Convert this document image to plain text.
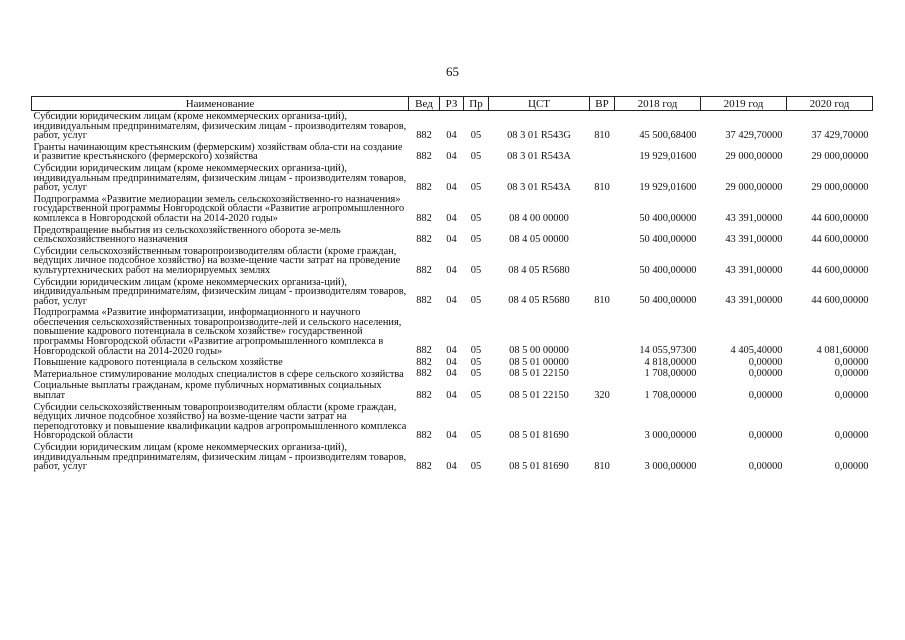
65
Наименование	Вед	РЗ	Пр	ЦСТ	ВР	2018 год	2019 год	2020 год
Субсидии юридическим лицам (кроме некоммерческих организа-ций), индивидуальным предпринимателям, физическим лицам - производителям товаров, работ, услуг	882	04	05	08 3 01 R543G	810	45 500,68400	37 429,70000	37 429,70000
Гранты начинающим крестьянским (фермерским) хозяйствам обла-сти на создание и развитие крестьянского (фермерского) хозяйства	882	04	05	08 3 01 R543A		19 929,01600	29 000,00000	29 000,00000
Субсидии юридическим лицам (кроме некоммерческих организа-ций), индивидуальным предпринимателям, физическим лицам - производителям товаров, работ, услуг	882	04	05	08 3 01 R543A	810	19 929,01600	29 000,00000	29 000,00000
Подпрограмма «Развитие мелиорации земель сельскохозяйственно-го назначения» государственной программы Новгородской области «Развитие агропромышленного комплекса в Новгородской области на 2014-2020 годы»	882	04	05	08 4 00 00000		50 400,00000	43 391,00000	44 600,00000
Предотвращение выбытия из сельскохозяйственного оборота зе-мель сельскохозяйственного назначения	882	04	05	08 4 05 00000		50 400,00000	43 391,00000	44 600,00000
Субсидии сельскохозяйственным товаропроизводителям области (кроме граждан, ведущих личное подсобное хозяйство) на возме-щение части затрат на проведение культуртехнических работ на мелиорируемых землях	882	04	05	08 4 05 R5680		50 400,00000	43 391,00000	44 600,00000
Субсидии юридическим лицам (кроме некоммерческих организа-ций), индивидуальным предпринимателям, физическим лицам - производителям товаров, работ, услуг	882	04	05	08 4 05 R5680	810	50 400,00000	43 391,00000	44 600,00000
Подпрограмма «Развитие информатизации, информационного и научного обеспечения сельскохозяйственных товаропроизводите-лей и сельского населения, повышение кадрового потенциала в сельском хозяйстве» государственной программы Новгородской области «Развитие агропромышленного комплекса в Новгородской области на 2014-2020 годы»	882	04	05	08 5 00 00000		14 055,97300	4 405,40000	4 081,60000
Повышение кадрового потенциала в сельском хозяйстве	882	04	05	08 5 01 00000		4 818,00000	0,00000	0,00000
Материальное стимулирование молодых специалистов в сфере сельского хозяйства	882	04	05	08 5 01 22150		1 708,00000	0,00000	0,00000
Социальные выплаты гражданам, кроме публичных нормативных социальных выплат	882	04	05	08 5 01 22150	320	1 708,00000	0,00000	0,00000
Субсидии сельскохозяйственным товаропроизводителям области (кроме граждан, ведущих личное подсобное хозяйство) на возме-щение части затрат на переподготовку и повышение квалификации кадров агропромышленного комплекса Новгородской области	882	04	05	08 5 01 81690		3 000,00000	0,00000	0,00000
Субсидии юридическим лицам (кроме некоммерческих организа-ций), индивидуальным предпринимателям, физическим лицам - производителям товаров, работ, услуг	882	04	05	08 5 01 81690	810	3 000,00000	0,00000	0,00000
